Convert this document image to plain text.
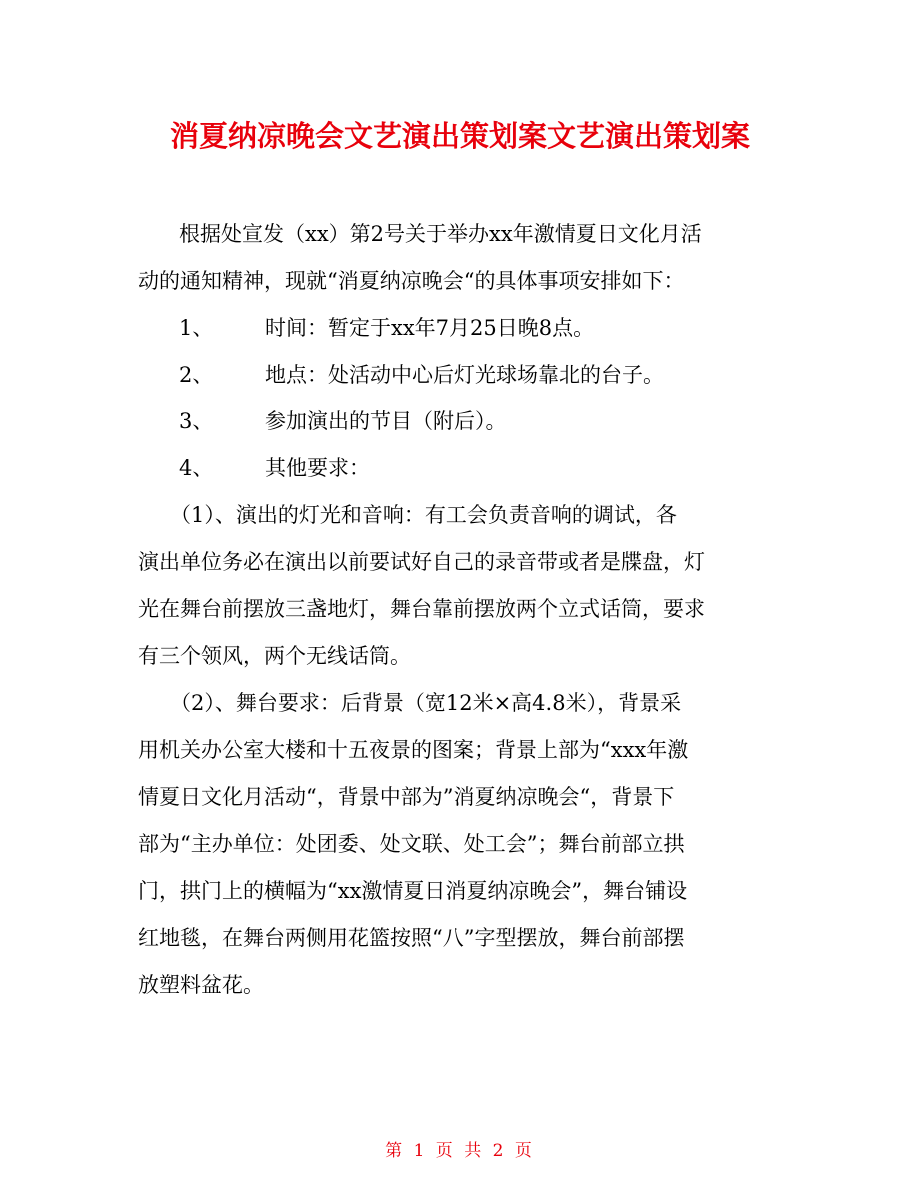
消夏纳凉晚会文艺演出策划案文艺演出策划案
根据处宣发（xx）第2号关于举办xx年激情夏日文化月活
动的通知精神，现就“消夏纳凉晚会“的具体事项安排如下：
1、 时间：暂定于xx年7月25日晚8点。
2、 地点：处活动中心后灯光球场靠北的台子。
3、 参加演出的节目（附后）。
4、 其他要求：
（1）、演出的灯光和音响：有工会负责音响的调试，各
演出单位务必在演出以前要试好自己的录音带或者是牒盘，灯
光在舞台前摆放三盏地灯，舞台靠前摆放两个立式话筒，要求
有三个领风，两个无线话筒。
（2）、舞台要求：后背景（宽12米×高4.8米），背景采
用机关办公室大楼和十五夜景的图案；背景上部为“xxx年激
情夏日文化月活动“，背景中部为”消夏纳凉晚会“，背景下
部为“主办单位：处团委、处文联、处工会”；舞台前部立拱
门，拱门上的横幅为“xx激情夏日消夏纳凉晚会”，舞台铺设
红地毯，在舞台两侧用花篮按照“八”字型摆放，舞台前部摆
放塑料盆花。
第 1 页 共 2 页
